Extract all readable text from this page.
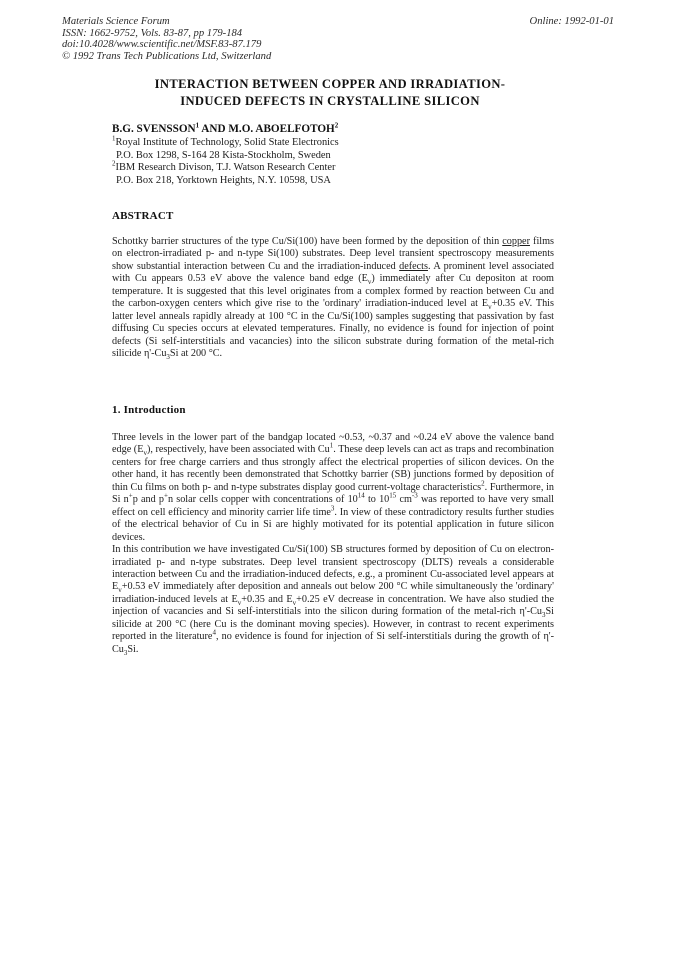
Materials Science Forum
ISSN: 1662-9752, Vols. 83-87, pp 179-184
doi:10.4028/www.scientific.net/MSF.83-87.179
© 1992 Trans Tech Publications Ltd, Switzerland
Online: 1992-01-01
INTERACTION BETWEEN COPPER AND IRRADIATION-
INDUCED DEFECTS IN CRYSTALLINE SILICON
B.G. SVENSSON$^1$ AND M.O. ABOELFOTOH$^2$
$^1$Royal Institute of Technology, Solid State Electronics
P.O. Box 1298, S-164 28 Kista-Stockholm, Sweden
$^2$IBM Research Divison, T.J. Watson Research Center
P.O. Box 218, Yorktown Heights, N.Y. 10598, USA
ABSTRACT

Schottky barrier structures of the type Cu/Si(100) have been formed by the deposition of thin copper films on electron-irradiated p- and n-type Si(100) substrates. Deep level transient spectroscopy measurements show substantial interaction between Cu and the irradiation-induced defects. A prominent level associated with Cu appears 0.53 eV above the valence band edge $(E_v)$ immediately after Cu depositon at room temperature. It is suggested that this level originates from a complex formed by reaction between Cu and the carbon-oxygen centers which give rise to the 'ordinary' irradiation-induced level at $E_v+0.35$ eV. This latter level anneals rapidly already at 100 °C in the Cu/Si(100) samples suggesting that passivation by fast diffusing Cu species occurs at elevated temperatures. Finally, no evidence is found for injection of point defects (Si self-interstitials and vacancies) into the silicon substrate during formation of the metal-rich silicide $\eta'-Cu_3Si$ at 200 °C.

1. Introduction

Three levels in the lower part of the bandgap located ~0.53, ~0.37 and ~0.24 eV above the valence band edge $(E_v)$, respectively, have been associated with Cu$^1$. These deep levels can act as traps and recombination centers for free charge carriers and thus strongly affect the electrical properties of silicon devices. On the other hand, it has recently been demonstrated that Schottky barrier (SB) junctions formed by deposition of thin Cu films on both p- and n-type substrates display good current-voltage characteristics$^2$. Furthermore, in Si n+p and p+n solar cells copper with concentrations of $10^{14}$ to $10^{15}$ $cm^{-3}$ was reported to have very small effect on cell efficiency and minority carrier life time$^3$. In view of these contradictory results further studies of the electrical behavior of Cu in Si are highly motivated for its potential application in future silicon devices.

In this contribution we have investigated Cu/Si(100) SB structures formed by deposition of Cu on electron-irradiated p- and n-type substrates. Deep level transient spectroscopy (DLTS) reveals a considerable interaction between Cu and the irradiation-induced defects, e.g., a prominent Cu-associated level appears at $E_v+0.53$ eV immediately after deposition and anneals out below 200 °C while simultaneously the 'ordinary' irradiation-induced levels at $E_v+0.35$ and $E_v+0.25$ eV decrease in concentration. We have also studied the injection of vacancies and Si self-interstitials into the silicon during formation of the metal-rich $\eta'-Cu_3Si$ silicide at 200 °C (here Cu is the dominant moving species). However, in contrast to recent experiments reported in the literature$^4$, no evidence is found for injection of Si self-interstitials during the growth of $\eta'-Cu_3Si$.
